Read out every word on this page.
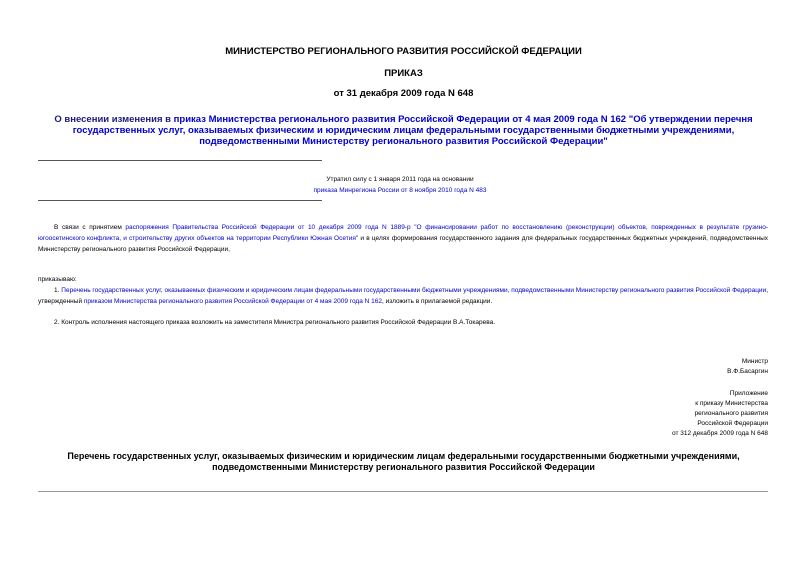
МИНИСТЕРСТВО РЕГИОНАЛЬНОГО РАЗВИТИЯ РОССИЙСКОЙ ФЕДЕРАЦИИ
ПРИКАЗ
от 31 декабря 2009 года N 648
О внесении изменения в приказ Министерства регионального развития Российской Федерации от 4 мая 2009 года N 162 "Об утверждении перечня государственных услуг, оказываемых физическим и юридическим лицам федеральными государственными бюджетными учреждениями, подведомственными Министерству регионального развития Российской Федерации"
Утратил силу с 1 января 2011 года на основании
приказа Минрегиона России от 8 ноября 2010 года N 483
В связи с принятием распоряжения Правительства Российской Федерации от 10 декабря 2009 года N 1889-р "О финансировании работ по восстановлению (реконструкции) объектов, поврежденных в результате грузино-югоосетинского конфликта, и строительству других объектов на территории Республики Южная Осетия" и в целях формирования государственного задания для федеральных государственных бюджетных учреждений, подведомственных Министерству регионального развития Российской Федерации,
приказываю:
1. Перечень государственных услуг, оказываемых физическим и юридическим лицам федеральными государственными бюджетными учреждениями, подведомственными Министерству регионального развития Российской Федерации, утвержденный приказом Министерства регионального развития Российской Федерации от 4 мая 2009 года N 162, изложить в прилагаемой редакции.
2. Контроль исполнения настоящего приказа возложить на заместителя Министра регионального развития Российской Федерации В.А.Токарева.
Министр
В.Ф.Басаргин
Приложение
к приказу Министерства
регионального развития
Российской Федерации
от 312 декабря 2009 года N 648
Перечень государственных услуг, оказываемых физическим и юридическим лицам федеральными государственными бюджетными учреждениями, подведомственными Министерству регионального развития Российской Федерации
